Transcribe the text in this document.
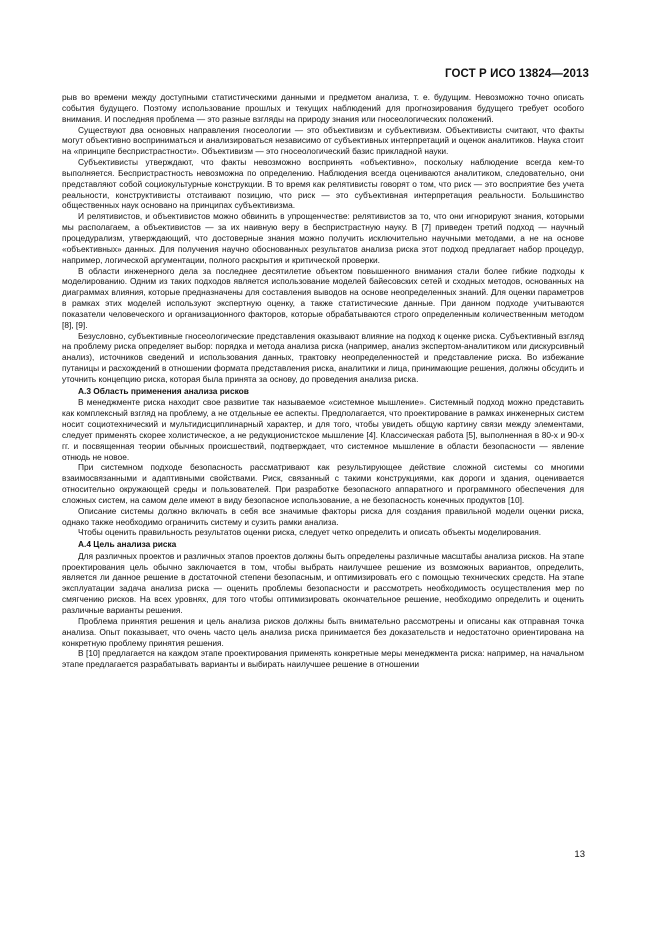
ГОСТ Р ИСО 13824—2013

рыв во времени между доступными статистическими данными и предметом анализа, т. е. будущим. Невозможно точно описать события будущего. Поэтому использование прошлых и текущих наблюдений для прогнозирования будущего требует особого внимания. И последняя проблема — это разные взгляды на природу знания или гносеологических положений.

Существуют два основных направления гносеологии — это объективизм и субъективизм. Объективисты считают, что факты могут объективно восприниматься и анализироваться независимо от субъективных интерпретаций и оценок аналитиков. Наука стоит на «принципе беспристрастности». Объективизм — это гносеологический базис прикладной науки.

Субъективисты утверждают, что факты невозможно воспринять «объективно», поскольку наблюдение всегда кем-то выполняется. Беспристрастность невозможна по определению. Наблюдения всегда оцениваются аналитиком, следовательно, они представляют собой социокультурные конструкции. В то время как релятивисты говорят о том, что риск — это восприятие без учета реальности, конструктивисты отстаивают позицию, что риск — это субъективная интерпретация реальности. Большинство общественных наук основано на принципах субъективизма.

И релятивистов, и объективистов можно обвинить в упрощенчестве: релятивистов за то, что они игнорируют знания, которыми мы располагаем, а объективистов — за их наивную веру в беспристрастную науку. В [7] приведен третий подход — научный процедурализм, утверждающий, что достоверные знания можно получить исключительно научными методами, а не на основе «объективных» данных. Для получения научно обоснованных результатов анализа риска этот подход предлагает набор процедур, например, логической аргументации, полного раскрытия и критической проверки.

В области инженерного дела за последнее десятилетие объектом повышенного внимания стали более гибкие подходы к моделированию. Одним из таких подходов является использование моделей байесовских сетей и сходных методов, основанных на диаграммах влияния, которые предназначены для составления выводов на основе неопределенных знаний. Для оценки параметров в рамках этих моделей используют экспертную оценку, а также статистические данные. При данном подходе учитываются показатели человеческого и организационного факторов, которые обрабатываются строго определенным количественным методом [8], [9].

Безусловно, субъективные гносеологические представления оказывают влияние на подход к оценке риска. Субъективный взгляд на проблему риска определяет выбор: порядка и метода анализа риска (например, анализ экспертом-аналитиком или дискурсивный анализ), источников сведений и использования данных, трактовку неопределенностей и представление риска. Во избежание путаницы и расхождений в отношении формата представления риска, аналитики и лица, принимающие решения, должны обсудить и уточнить концепцию риска, которая была принята за основу, до проведения анализа риска.

А.3 Область применения анализа рисков

В менеджменте риска находит свое развитие так называемое «системное мышление». Системный подход можно представить как комплексный взгляд на проблему, а не отдельные ее аспекты. Предполагается, что проектирование в рамках инженерных систем носит социотехнический и мультидисциплинарный характер, и для того, чтобы увидеть общую картину связи между элементами, следует применять скорее холистическое, а не редукционистское мышление [4]. Классическая работа [5], выполненная в 80-х и 90-х гг. и посвященная теории обычных происшествий, подтверждает, что системное мышление в области безопасности — явление отнюдь не новое.

При системном подходе безопасность рассматривают как результирующее действие сложной системы со многими взаимосвязанными и адаптивными свойствами. Риск, связанный с такими конструкциями, как дороги и здания, оценивается относительно окружающей среды и пользователей. При разработке безопасного аппаратного и программного обеспечения для сложных систем, на самом деле имеют в виду безопасное использование, а не безопасность конечных продуктов [10].

Описание системы должно включать в себя все значимые факторы риска для создания правильной модели оценки риска, однако также необходимо ограничить систему и сузить рамки анализа.

Чтобы оценить правильность результатов оценки риска, следует четко определить и описать объекты моделирования.

А.4 Цель анализа риска

Для различных проектов и различных этапов проектов должны быть определены различные масштабы анализа рисков. На этапе проектирования цель обычно заключается в том, чтобы выбрать наилучшее решение из возможных вариантов, определить, является ли данное решение в достаточной степени безопасным, и оптимизировать его с помощью технических средств. На этапе эксплуатации задача анализа риска — оценить проблемы безопасности и рассмотреть необходимость осуществления мер по смягчению рисков. На всех уровнях, для того чтобы оптимизировать окончательное решение, необходимо определить и оценить различные варианты решения.

Проблема принятия решения и цель анализа рисков должны быть внимательно рассмотрены и описаны как отправная точка анализа. Опыт показывает, что очень часто цель анализа риска принимается без доказательств и недостаточно ориентирована на конкретную проблему принятия решения.

В [10] предлагается на каждом этапе проектирования применять конкретные меры менеджмента риска: например, на начальном этапе предлагается разрабатывать варианты и выбирать наилучшее решение в отношении

13
